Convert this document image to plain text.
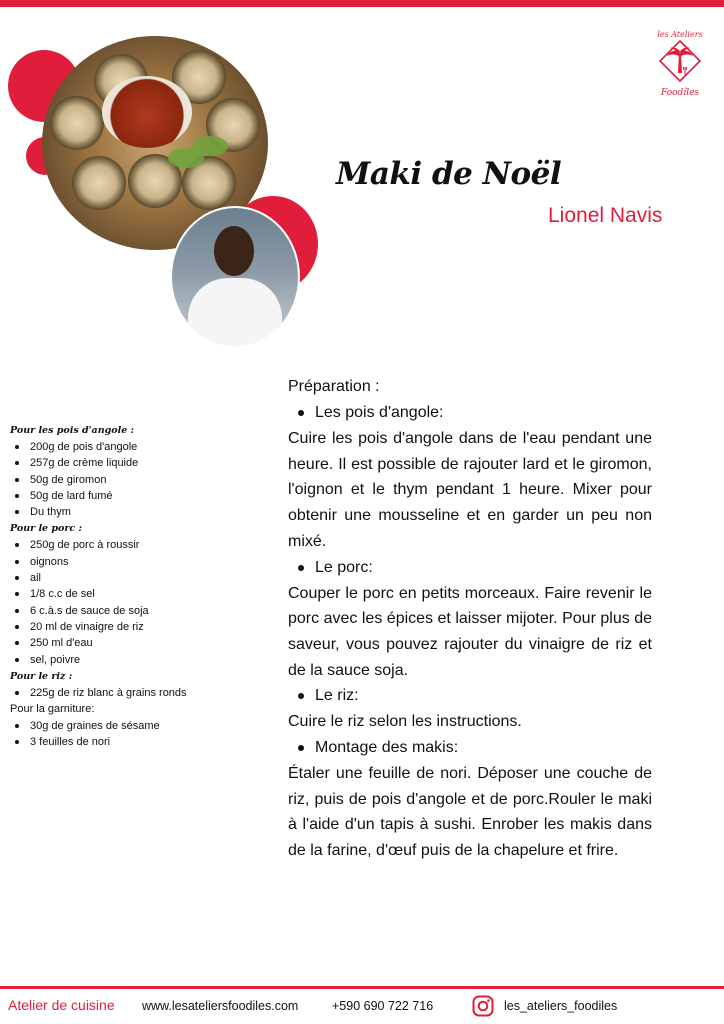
les Ateliers
Foodîles
Maki de Noël
Lionel Navis
Pour les pois d'angole :
200g de pois d'angole
257g de crème liquide
50g de giromon
50g de lard fumé
Du thym
Pour le porc :
250g de porc à roussir
oignons
ail
1/8 c.c de sel
6 c.à.s de sauce de soja
20 ml de vinaigre de riz
250 ml d'eau
sel, poivre
Pour le riz :
225g de riz blanc à grains ronds
Pour la garniture:
30g de graines de sésame
3 feuilles de nori
Préparation :
Les pois d'angole:

Cuire les pois d'angole dans de l'eau pendant une heure. Il est possible de rajouter lard et le giromon, l'oignon et le thym pendant 1 heure. Mixer pour obtenir une mousseline et en garder un peu non mixé.

Le porc:

Couper le porc en petits morceaux. Faire revenir le porc avec les épices et laisser mijoter. Pour plus de saveur, vous pouvez rajouter du vinaigre de riz et de la sauce soja.

Le riz:

Cuire le riz selon les instructions.

Montage des makis:

Étaler une feuille de nori. Déposer une couche de riz, puis de pois d'angole et de porc.Rouler le maki à l'aide d'un tapis à sushi. Enrober les makis dans de la farine, d'œuf puis de la chapelure et frire.

Atelier de cuisine www.lesateliersfoodiles.com	+590 690 722 716	les_ateliers_foodiles
